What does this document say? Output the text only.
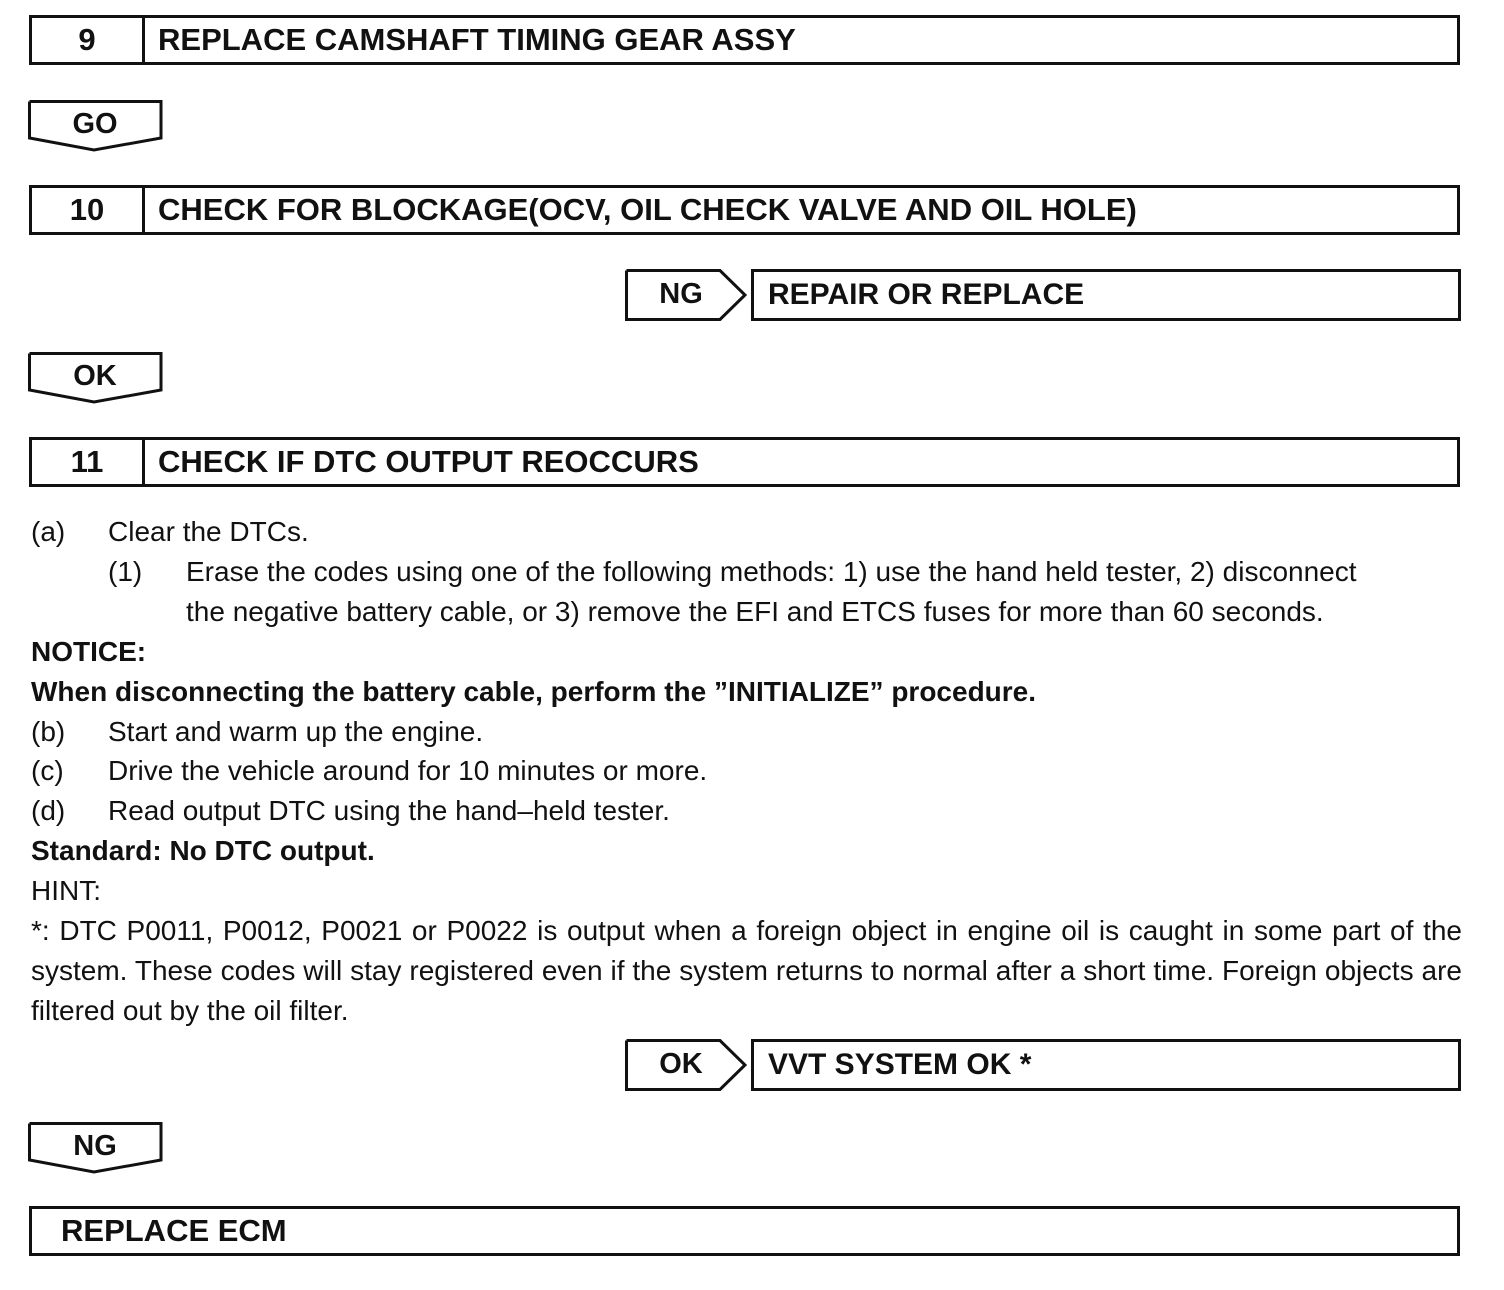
9	REPLACE CAMSHAFT TIMING GEAR ASSY
GO
10	CHECK FOR BLOCKAGE(OCV, OIL CHECK VALVE AND OIL HOLE)
NG	REPAIR OR REPLACE
OK
11	CHECK IF DTC OUTPUT REOCCURS
(a) Clear the DTCs.
(1) Erase the codes using one of the following methods: 1) use the hand held tester, 2) disconnect
the negative battery cable, or 3) remove the EFI and ETCS fuses for more than 60 seconds.
NOTICE:
When disconnecting the battery cable, perform the ”INITIALIZE” procedure.
(b) Start and warm up the engine.
(c) Drive the vehicle around for 10 minutes or more.
(d) Read output DTC using the hand–held tester.
Standard: No DTC output.
HINT:
*: DTC P0011, P0012, P0021 or P0022 is output when a foreign object in engine oil is caught in some part of the system. These codes will stay registered even if the system returns to normal after a short time. Foreign objects are filtered out by the oil filter.
OK	VVT SYSTEM OK *
NG
REPLACE ECM
